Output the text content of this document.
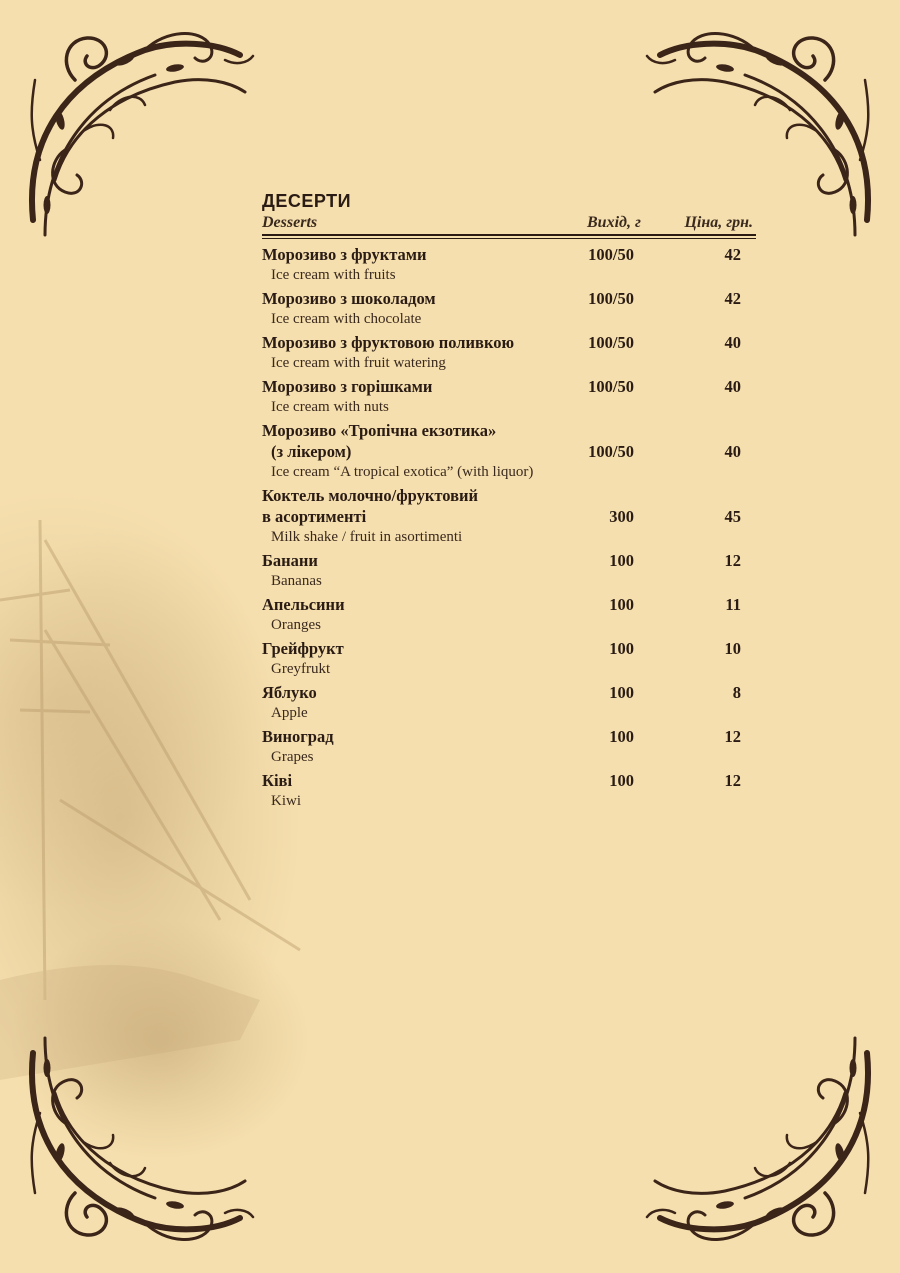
ДЕСЕРТИ
Desserts	Вихід, г	Ціна, грн.
Морозиво з фруктами	100/50	42
Ice cream with fruits
Морозиво з шоколадом	100/50	42
Ice cream with chocolate
Морозиво з фруктовою поливкою	100/50	40
Ice cream with fruit watering
Морозиво з горішками	100/50	40
Ice cream with nuts
Морозиво «Тропічна екзотика»
(з лікером)	100/50	40
Ice cream “A tropical exotica” (with liquor)
Коктель молочно/фруктовий
в асортименті	300	45
Milk shake / fruit in asortimenti
Банани	100	12
Bananas
Апельсини	100	11
Oranges
Грейфрукт	100	10
Greyfrukt
Яблуко	100	8
Apple
Виноград	100	12
Grapes
Ківі	100	12
Kiwi
